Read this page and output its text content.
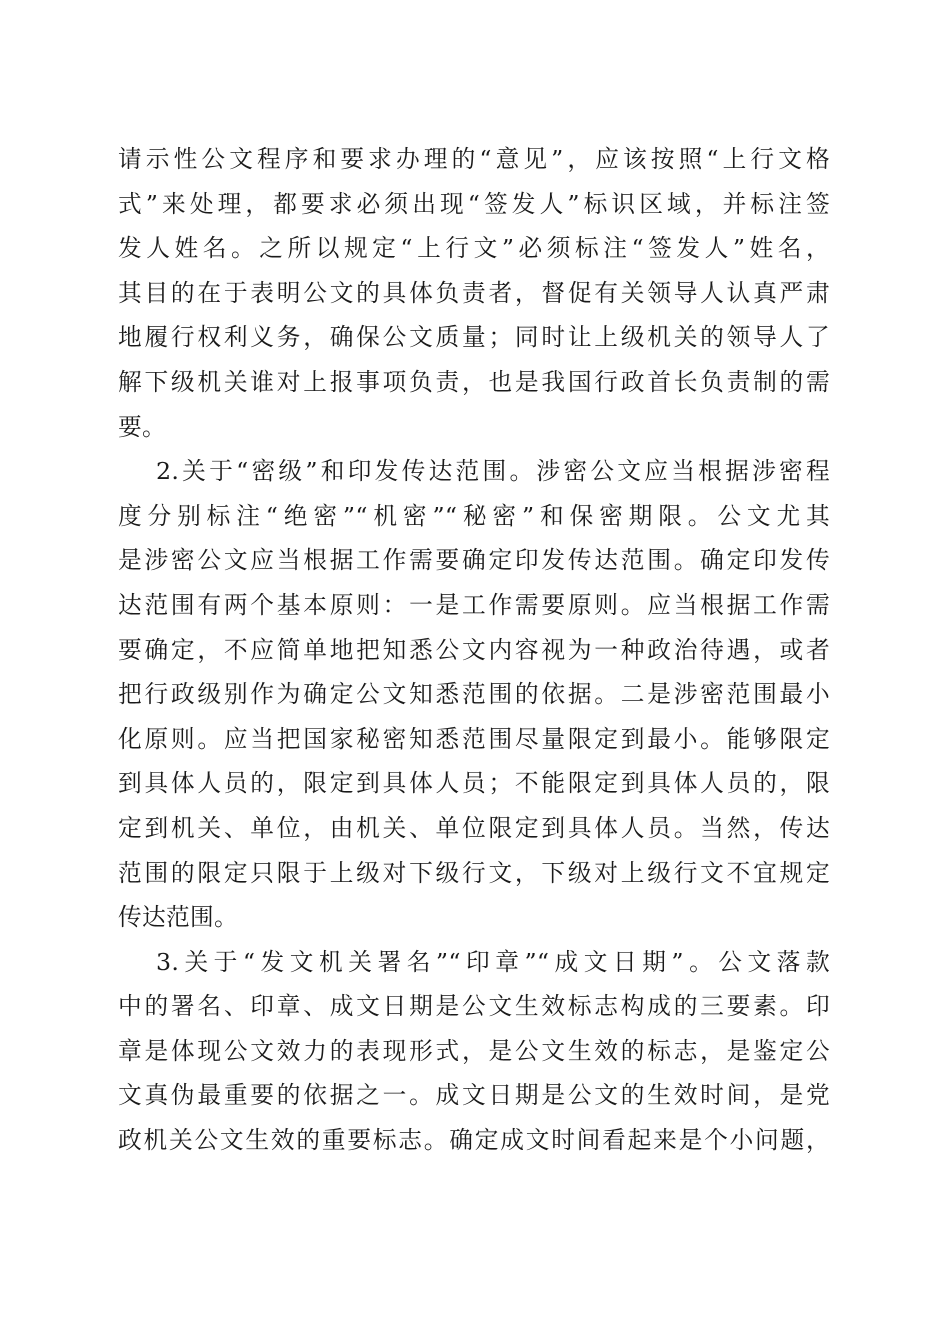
请示性公文程序和要求办理的“意见”，应该按照“上行文格
式”来处理，都要求必须出现“签发人”标识区域，并标注签
发人姓名。之所以规定“上行文”必须标注“签发人”姓名，
其目的在于表明公文的具体负责者，督促有关领导人认真严肃
地履行权利义务，确保公文质量；同时让上级机关的领导人了
解下级机关谁对上报事项负责，也是我国行政首长负责制的需
要。
2.关于“密级”和印发传达范围。涉密公文应当根据涉密程
度分别标注“绝密”“机密”“秘密”和保密期限。公文尤其
是涉密公文应当根据工作需要确定印发传达范围。确定印发传
达范围有两个基本原则：一是工作需要原则。应当根据工作需
要确定，不应简单地把知悉公文内容视为一种政治待遇，或者
把行政级别作为确定公文知悉范围的依据。二是涉密范围最小
化原则。应当把国家秘密知悉范围尽量限定到最小。能够限定
到具体人员的，限定到具体人员；不能限定到具体人员的，限
定到机关、单位，由机关、单位限定到具体人员。当然，传达
范围的限定只限于上级对下级行文，下级对上级行文不宜规定
传达范围。
3.关于“发文机关署名”“印章”“成文日期”。公文落款
中的署名、印章、成文日期是公文生效标志构成的三要素。印
章是体现公文效力的表现形式，是公文生效的标志，是鉴定公
文真伪最重要的依据之一。成文日期是公文的生效时间，是党
政机关公文生效的重要标志。确定成文时间看起来是个小问题，
